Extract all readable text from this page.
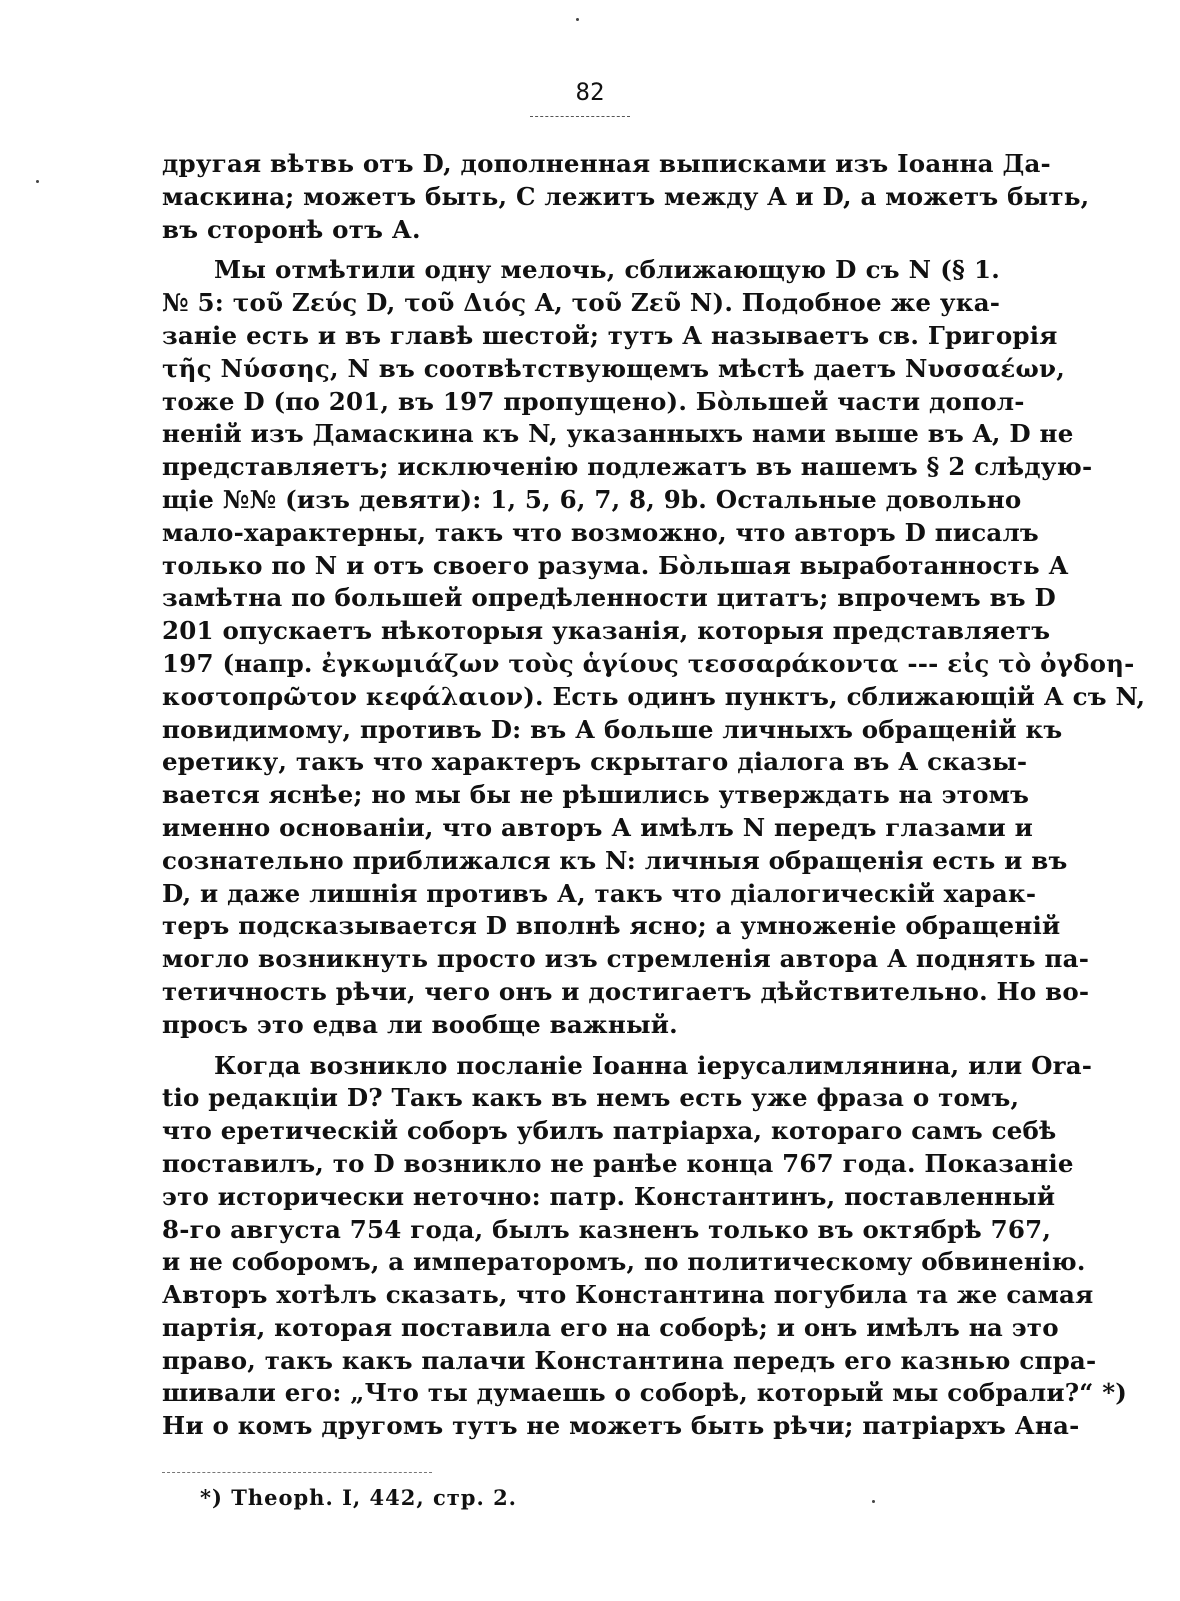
82
другая вѣтвь отъ D, дополненная выписками изъ Іоанна Да-
маскина; можетъ быть, C лежитъ между A и D, а можетъ быть,
въ сторонѣ отъ А.
Мы отмѣтили одну мелочь, сближающую D съ N (§ 1.
№ 5: τοῦ Ζεύς D, τοῦ Διός A, τοῦ Ζεῦ N). Подобное же ука-
заніе есть и въ главѣ шестой; тутъ А называетъ св. Григорія
τῆς Νύσσης, N въ соотвѣтствующемъ мѣстѣ даетъ Νυσσαέων,
тоже D (по 201, въ 197 пропущено). Бо̀льшей части допол-
неній изъ Дамаскина къ N, указанныхъ нами выше въ A, D не
представляетъ; исключенію подлежатъ въ нашемъ § 2 слѣдую-
щіе №№ (изъ девяти): 1, 5, 6, 7, 8, 9b. Остальные довольно
мало-характерны, такъ что возможно, что авторъ D писалъ
только по N и отъ своего разума. Бо̀льшая выработанность А
замѣтна по большей опредѣленности цитатъ; впрочемъ въ D
201 опускаетъ нѣкоторыя указанія, которыя представляетъ
197 (напр. ἐγκωμιάζων τοὺς ἁγίους τεσσαράκοντα --- εἰς τὸ ὀγδοη-
κοστοπρῶτον κεφάλαιον). Есть одинъ пунктъ, сближающій А съ N,
повидимому, противъ D: въ А больше личныхъ обращеній къ
еретику, такъ что характеръ скрытаго діалога въ А сказы-
вается яснѣе; но мы бы не рѣшились утверждать на этомъ
именно основаніи, что авторъ А имѣлъ N передъ глазами и
сознательно приближался къ N: личныя обращенія есть и въ
D, и даже лишнія противъ А, такъ что діалогическій харак-
теръ подсказывается D вполнѣ ясно; а умноженіе обращеній
могло возникнуть просто изъ стремленія автора А поднять па-
тетичность рѣчи, чего онъ и достигаетъ дѣйствительно. Но во-
просъ это едва ли вообще важный.
Когда возникло посланіе Іоанна іерусалимлянина, или Ora-
tio редакціи D? Такъ какъ въ немъ есть уже фраза о томъ,
что еретическій соборъ убилъ патріарха, котораго самъ себѣ
поставилъ, то D возникло не ранѣе конца 767 года. Показаніе
это исторически неточно: патр. Константинъ, поставленный
8-го августа 754 года, былъ казненъ только въ октябрѣ 767,
и не соборомъ, а императоромъ, по политическому обвиненію.
Авторъ хотѣлъ сказать, что Константина погубила та же самая
партія, которая поставила его на соборѣ; и онъ имѣлъ на это
право, такъ какъ палачи Константина передъ его казнью спра-
шивали его: „Что ты думаешь о соборѣ, который мы собрали?“ *)
Ни о комъ другомъ тутъ не можетъ быть рѣчи; патріархъ Ана-
*) Theoph. I, 442, стр. 2.
